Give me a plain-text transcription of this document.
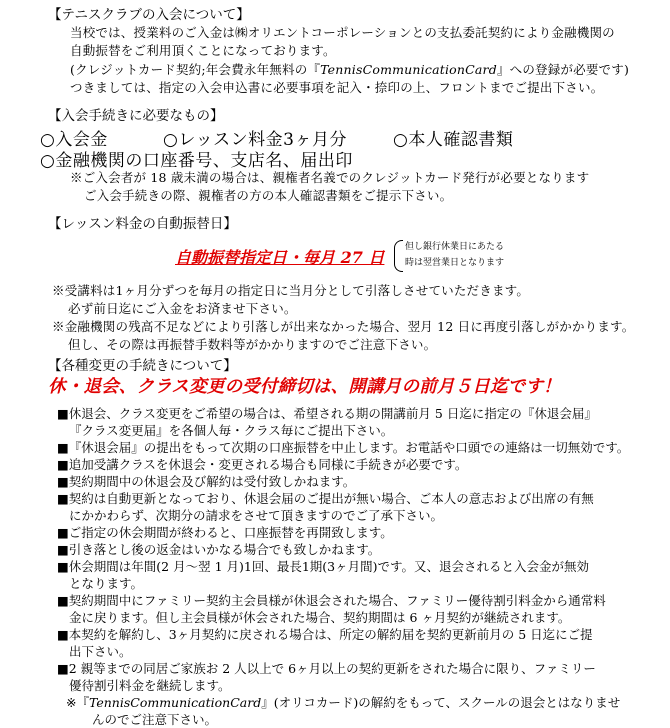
【テニスクラブの入会について】
当校では、授業料のご入金は㈱オリエントコーポレーションとの支払委託契約により金融機関の
自動振替をご利用頂くことになっております。
(クレジットカード契約;年会費永年無料の『TennisCommunicationCard』への登録が必要です)
つきましては、指定の入会申込書に必要事項を記入・捺印の上、フロントまでご提出下さい。
【入会手続きに必要なもの】
○入会金	○レッスン料金3ヶ月分	○本人確認書類
○金融機関の口座番号、支店名、届出印
※ご入会者が 18 歳未満の場合は、親権者名義でのクレジットカード発行が必要となります
ご入会手続きの際、親権者の方の本人確認書類をご提示下さい。
【レッスン料金の自動振替日】
自動振替指定日・毎月 27 日
但し銀行休業日にあたる
時は翌営業日となります
※受講料は1ヶ月分ずつを毎月の指定日に当月分として引落しさせていただきます。
必ず前日迄にご入金をお済ませ下さい。
※金融機関の残高不足などにより引落しが出来なかった場合、翌月 12 日に再度引落しがかかります。
但し、その際は再振替手数料等がかかりますのでご注意下さい。
【各種変更の手続きについて】
休・退会、クラス変更の受付締切は、開講月の前月５日迄です！
■休退会、クラス変更をご希望の場合は、希望される期の開講前月 5 日迄に指定の『休退会届』
『クラス変更届』を各個人毎・クラス毎にご提出下さい。
■『休退会届』の提出をもって次期の口座振替を中止します。お電話や口頭での連絡は一切無効です。
■追加受講クラスを休退会・変更される場合も同様に手続きが必要です。
■契約期間中の休退会及び解約は受付致しかねます。
■契約は自動更新となっており、休退会届のご提出が無い場合、ご本人の意志および出席の有無
にかかわらず、次期分の請求をさせて頂きますのでご了承下さい。
■ご指定の休会期間が終わると、口座振替を再開致します。
■引き落とし後の返金はいかなる場合でも致しかねます。
■休会期間は年間(2 月～翌 1 月)1回、最長1期(3ヶ月間)です。又、退会されると入会金が無効
となります。
■契約期間中にファミリー契約主会員様が休退会された場合、ファミリー優待割引料金から通常料
金に戻ります。但し主会員様が休会された場合、契約期間は 6 ヶ月契約が継続されます。
■本契約を解約し、3ヶ月契約に戻される場合は、所定の解約届を契約更新前月の 5 日迄にご提
出下さい。
■2 親等までの同居ご家族お 2 人以上で 6ヶ月以上の契約更新をされた場合に限り、ファミリー
優待割引料金を継続します。
※『TennisCommunicationCard』(オリコカード)の解約をもって、スクールの退会とはなりませ
んのでご注意下さい。
